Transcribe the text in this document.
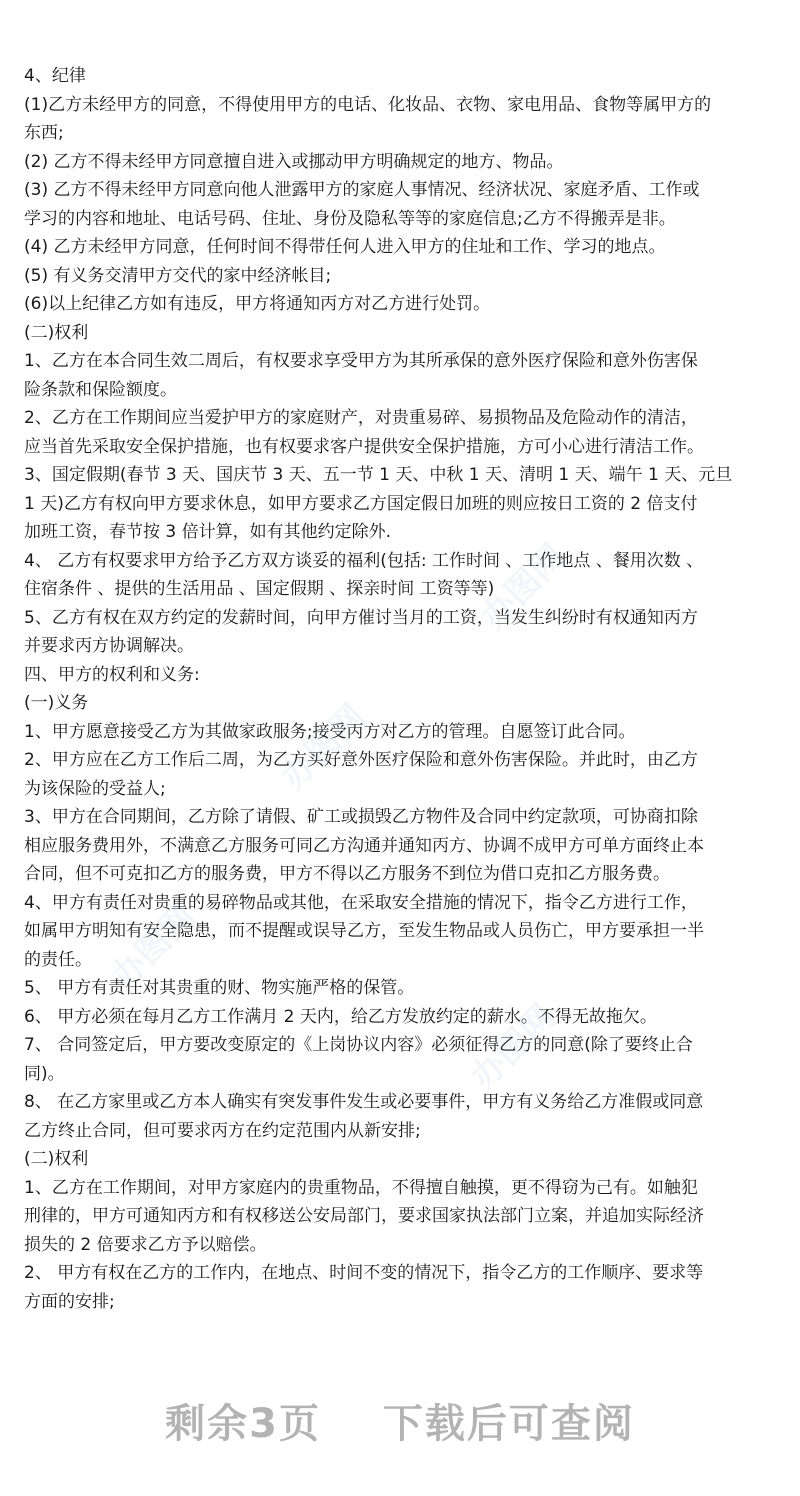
4、纪律
(1)乙方未经甲方的同意，不得使用甲方的电话、化妆品、衣物、家电用品、食物等属甲方的
东西;
(2) 乙方不得未经甲方同意擅自进入或挪动甲方明确规定的地方、物品。
(3) 乙方不得未经甲方同意向他人泄露甲方的家庭人事情况、经济状况、家庭矛盾、工作或
学习的内容和地址、电话号码、住址、身份及隐私等等的家庭信息;乙方不得搬弄是非。
(4) 乙方未经甲方同意，任何时间不得带任何人进入甲方的住址和工作、学习的地点。
(5) 有义务交清甲方交代的家中经济帐目;
(6)以上纪律乙方如有违反，甲方将通知丙方对乙方进行处罚。
(二)权利
1、乙方在本合同生效二周后，有权要求享受甲方为其所承保的意外医疗保险和意外伤害保
险条款和保险额度。
2、乙方在工作期间应当爱护甲方的家庭财产，对贵重易碎、易损物品及危险动作的清洁，
应当首先采取安全保护措施，也有权要求客户提供安全保护措施，方可小心进行清洁工作。
3、国定假期(春节 3 天、国庆节 3 天、五一节 1 天、中秋 1 天、清明 1 天、端午 1 天、元旦
1 天)乙方有权向甲方要求休息，如甲方要求乙方国定假日加班的则应按日工资的 2 倍支付
加班工资，春节按 3 倍计算，如有其他约定除外.
4、 乙方有权要求甲方给予乙方双方谈妥的福利(包括: 工作时间 、工作地点 、餐用次数 、
住宿条件 、提供的生活用品 、国定假期 、探亲时间 工资等等)
5、乙方有权在双方约定的发薪时间，向甲方催讨当月的工资，当发生纠纷时有权通知丙方
并要求丙方协调解决。
四、甲方的权利和义务:
(一)义务
1、甲方愿意接受乙方为其做家政服务;接受丙方对乙方的管理。自愿签订此合同。
2、甲方应在乙方工作后二周，为乙方买好意外医疗保险和意外伤害保险。并此时，由乙方
为该保险的受益人;
3、甲方在合同期间，乙方除了请假、矿工或损毁乙方物件及合同中约定款项，可协商扣除
相应服务费用外，不满意乙方服务可同乙方沟通并通知丙方、协调不成甲方可单方面终止本
合同，但不可克扣乙方的服务费，甲方不得以乙方服务不到位为借口克扣乙方服务费。
4、甲方有责任对贵重的易碎物品或其他，在采取安全措施的情况下，指令乙方进行工作，
如属甲方明知有安全隐患，而不提醒或误导乙方，至发生物品或人员伤亡，甲方要承担一半
的责任。
5、 甲方有责任对其贵重的财、物实施严格的保管。
6、 甲方必须在每月乙方工作满月 2 天内，给乙方发放约定的薪水。不得无故拖欠。
7、 合同签定后，甲方要改变原定的《上岗协议内容》必须征得乙方的同意(除了要终止合
同)。
8、 在乙方家里或乙方本人确实有突发事件发生或必要事件，甲方有义务给乙方准假或同意
乙方终止合同，但可要求丙方在约定范围内从新安排;
(二)权利
1、乙方在工作期间，对甲方家庭内的贵重物品，不得擅自触摸，更不得窃为己有。如触犯
刑律的，甲方可通知丙方和有权移送公安局部门，要求国家执法部门立案，并追加实际经济
损失的 2 倍要求乙方予以赔偿。
2、 甲方有权在乙方的工作内，在地点、时间不变的情况下，指令乙方的工作顺序、要求等
方面的安排;
办图网
办图网
办图网
办图网
剩余3页 下载后可查阅
